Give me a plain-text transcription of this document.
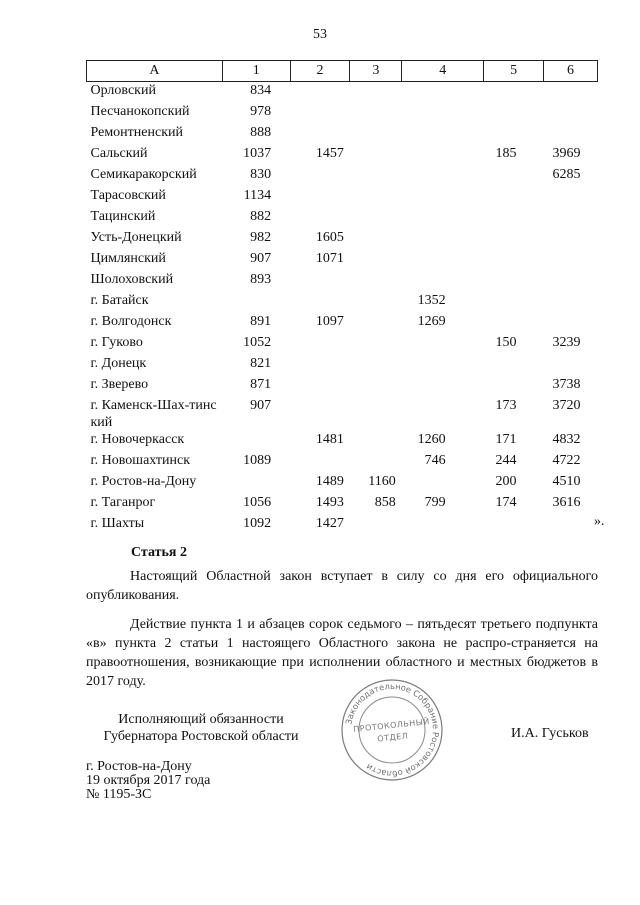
53
А	1	2	3	4	5	6
Орловский	834					
Песчанокопский	978					
Ремонтненский	888					
Сальский	1037	1457			185	3969
Семикаракорский	830					6285
Тарасовский	1134					
Тацинский	882					
Усть-Донецкий	982	1605				
Цимлянский	907	1071				
Шолоховский	893					
г. Батайск				1352		
г. Волгодонск	891	1097		1269		
г. Гуково	1052				150	3239
г. Донецк	821					
г. Зверево	871					3738
г. Каменск-Шах-тинский	907				173	3720
г. Новочеркасск		1481		1260	171	4832
г. Новошахтинск	1089			746	244	4722
г. Ростов-на-Дону		1489	1160		200	4510
г. Таганрог	1056	1493	858	799	174	3616
г. Шахты	1092	1427					».
Статья 2

Настоящий Областной закон вступает в силу со дня его официального опубликования.

Действие пункта 1 и абзацев сорок седьмого – пятьдесят третьего подпункта «в» пункта 2 статьи 1 настоящего Областного закона не распро-страняется на правоотношения, возникающие при исполнении областного и местных бюджетов в 2017 году.

Исполняющий обязанности
Губернатора Ростовской области
Законодательное Собрание Ростовской области
ПРОТОКОЛЬНЫЙ
ОТДЕЛ	И.А. Гуськов
г. Ростов-на-Дону
19 октября 2017 года
№ 1195-ЗС
